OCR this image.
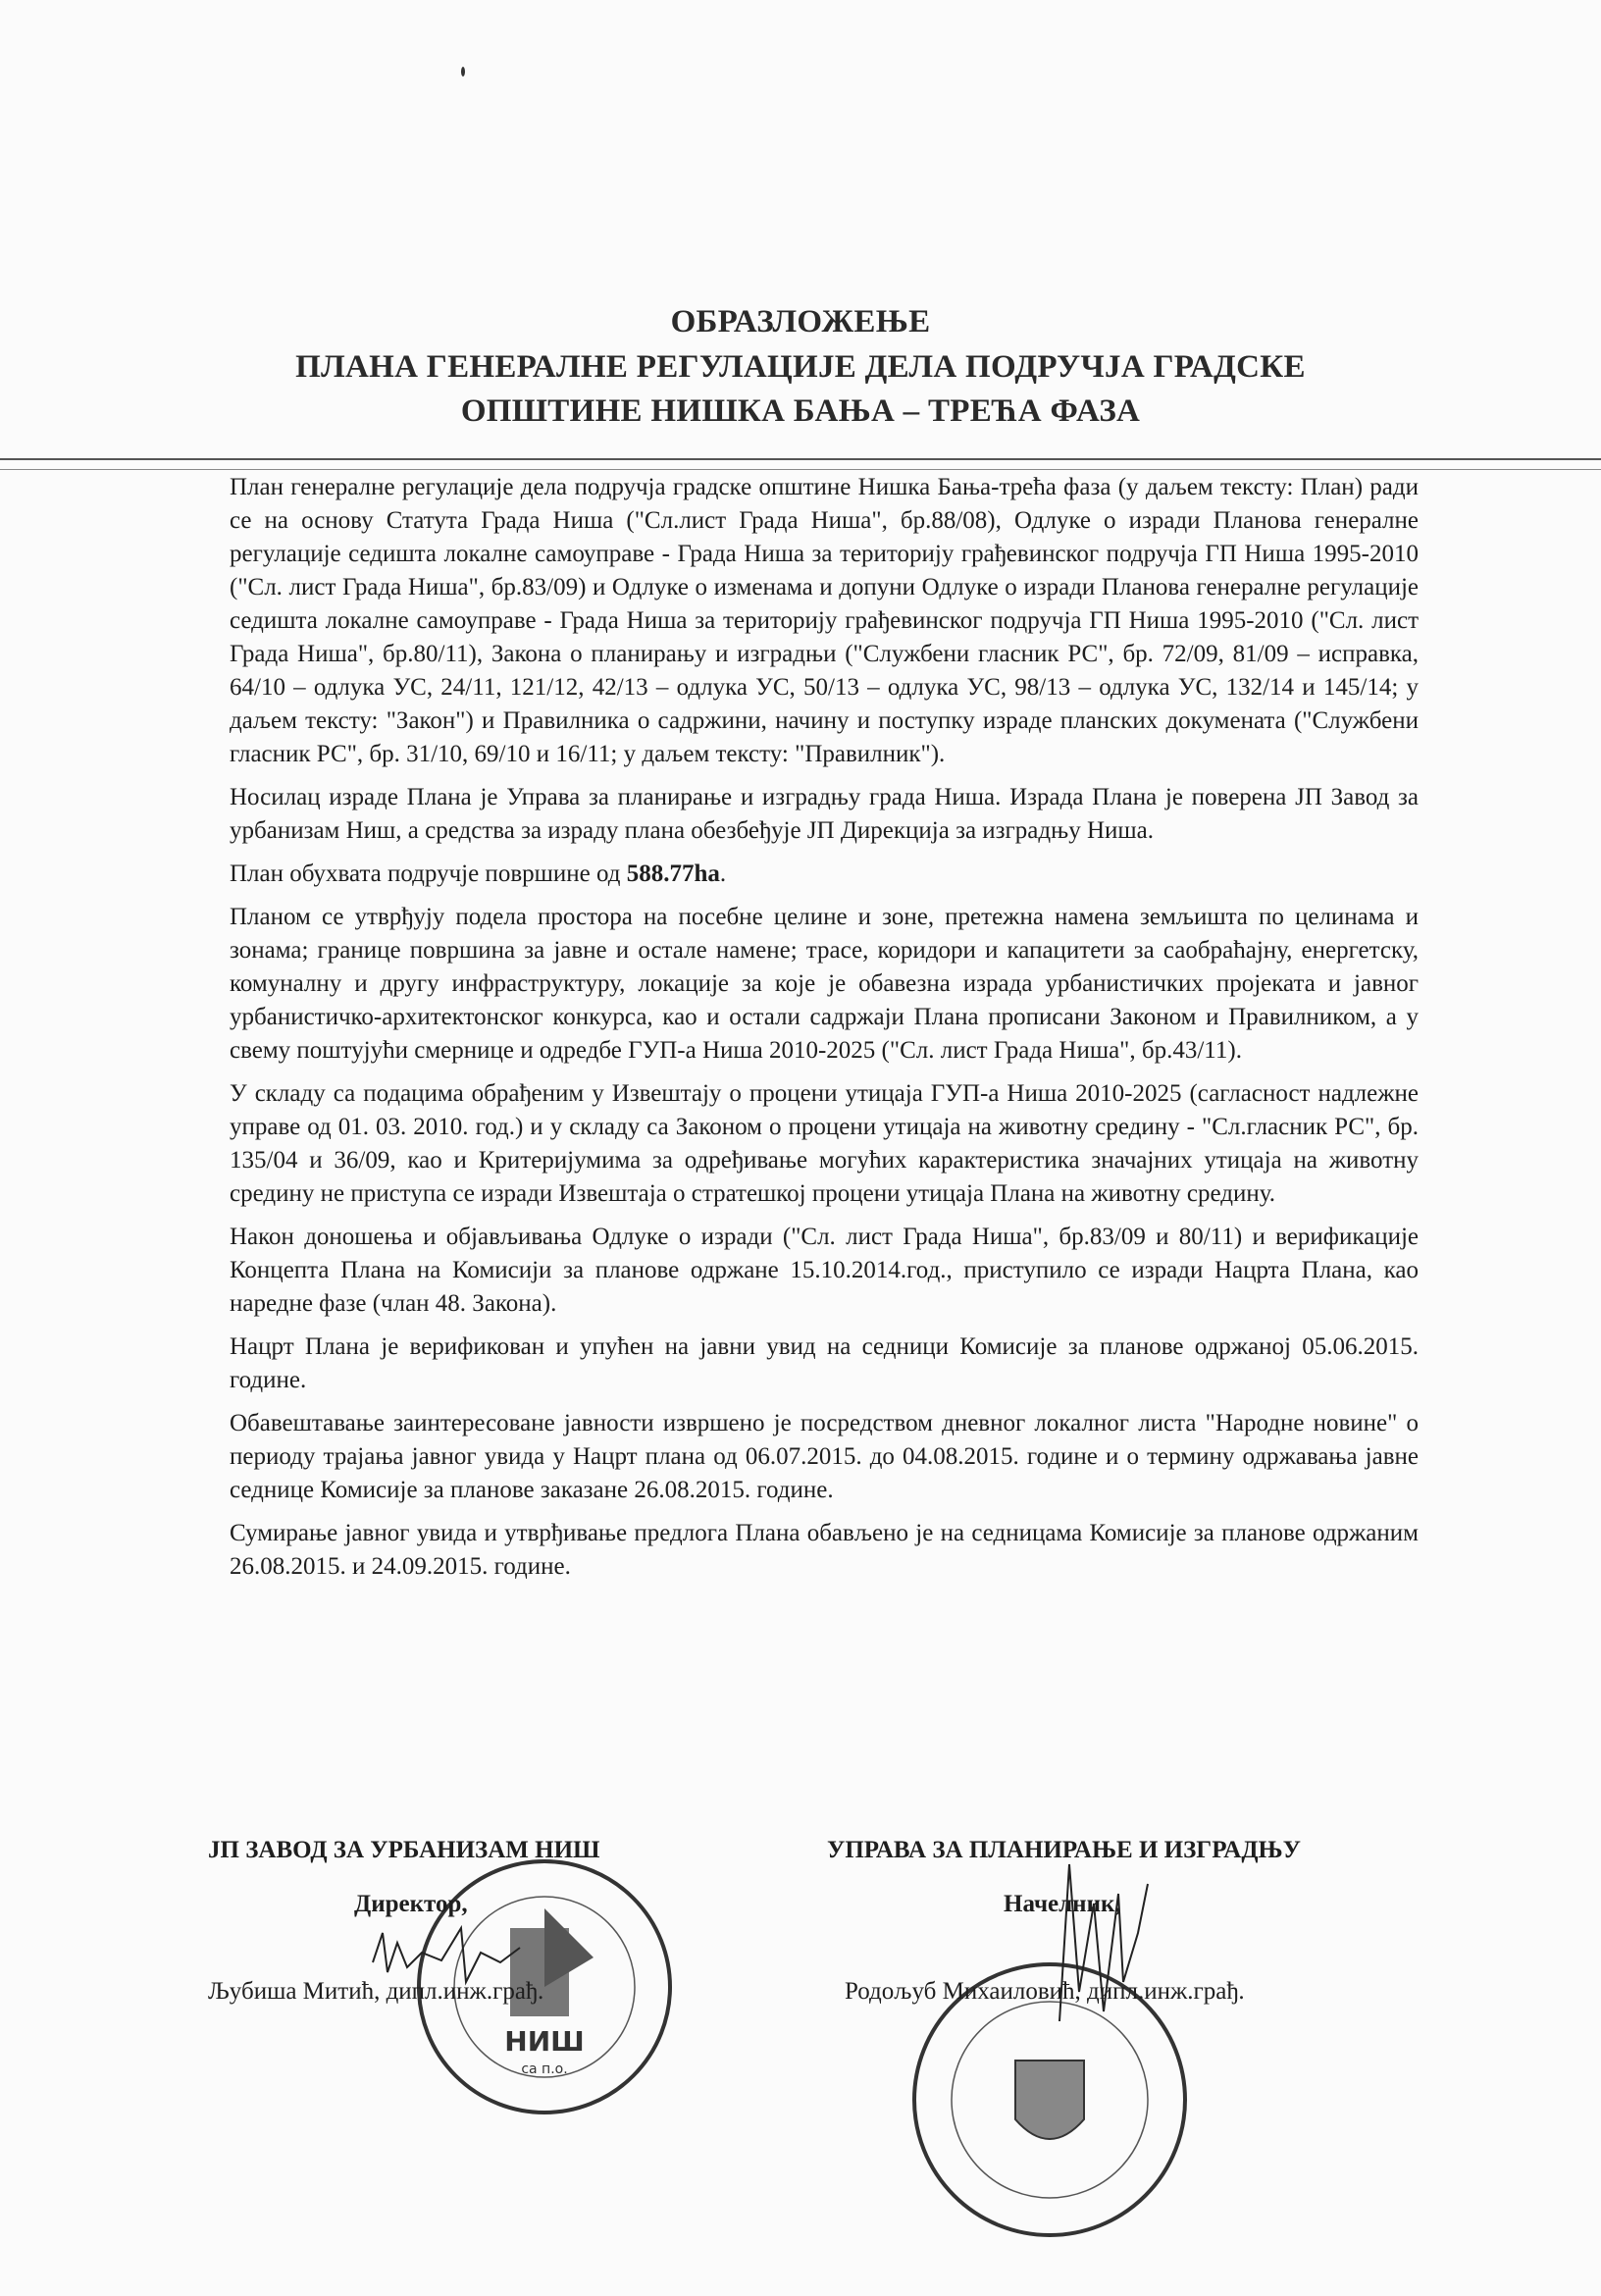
ОБРАЗЛОЖЕЊЕ
ПЛАНА ГЕНЕРАЛНЕ РЕГУЛАЦИЈЕ ДЕЛА ПОДРУЧЈА ГРАДСКЕ
ОПШТИНЕ НИШКА БАЊА – ТРЕЋА ФАЗА

План генералне регулације дела подручја градске општине Нишка Бања-трећа фаза (у даљем тексту: План) ради се на основу Статута Града Ниша ("Сл.лист Града Ниша", бр.88/08), Одлуке о изради Планова генералне регулације седишта локалне самоуправе - Града Ниша за територију грађевинског подручја ГП Ниша 1995-2010 ("Сл. лист Града Ниша", бр.83/09) и Одлуке о изменама и допуни Одлуке о изради Планова генералне регулације седишта локалне самоуправе - Града Ниша за територију грађевинског подручја ГП Ниша 1995-2010 ("Сл. лист Града Ниша", бр.80/11), Закона о планирању и изградњи ("Службени гласник РС", бр. 72/09, 81/09 – исправка, 64/10 – одлука УС, 24/11, 121/12, 42/13 – одлука УС, 50/13 – одлука УС, 98/13 – одлука УС, 132/14 и 145/14; у даљем тексту: "Закон") и Правилника о садржини, начину и поступку израде планских докумената ("Службени гласник РС", бр. 31/10, 69/10 и 16/11; у даљем тексту: "Правилник").

Носилац израде Плана је Управа за планирање и изградњу града Ниша. Израда Плана је поверена ЈП Завод за урбанизам Ниш, а средства за израду плана обезбеђује ЈП Дирекција за изградњу Ниша.

План обухвата подручје површине од 588.77ha.

Планом се утврђују подела простора на посебне целине и зоне, претежна намена земљишта по целинама и зонама; границе површина за јавне и остале намене; трасе, коридори и капацитети за саобраћајну, енергетску, комуналну и другу инфраструктуру, локације за које је обавезна израда урбанистичких пројеката и јавног урбанистичко-архитектонског конкурса, као и остали садржаји Плана прописани Законом и Правилником, а у свему поштујући смернице и одредбе ГУП-а Ниша 2010-2025 ("Сл. лист Града Ниша", бр.43/11).

У складу са подацима обрађеним у Извештају о процени утицаја ГУП-а Ниша 2010-2025 (сагласност надлежне управе од 01. 03. 2010. год.) и у складу са Законом о процени утицаја на животну средину - "Сл.гласник РС", бр. 135/04 и 36/09, као и Критеријумима за одређивање могућих карактеристика значајних утицаја на животну средину не приступа се изради Извештаја о стратешкој процени утицаја Плана на животну средину.

Након доношења и објављивања Одлуке о изради ("Сл. лист Града Ниша", бр.83/09 и 80/11) и верификације Концепта Плана на Комисији за планове одржане 15.10.2014.год., приступило се изради Нацрта Плана, као наредне фазе (члан 48. Закона).

Нацрт Плана је верификован и упућен на јавни увид на седници Комисије за планове одржаној 05.06.2015. године.

Обавештавање заинтересоване јавности извршено је посредством дневног локалног листа "Народне новине" о периоду трајања јавног увида у Нацрт плана од 06.07.2015. до 04.08.2015. године и о термину одржавања јавне седнице Комисије за планове заказане 26.08.2015. године.

Сумирање јавног увида и утврђивање предлога Плана обављено је на седницама Комисије за планове одржаним 26.08.2015. и 24.09.2015. године.

ЈП ЗАВОД ЗА УРБАНИЗАМ НИШ
НИШ
са п.о.
Директор,
Љубиша Митић, дипл.инж.грађ.
УПРАВА ЗА ПЛАНИРАЊЕ И ИЗГРАДЊУ
Начелник,
Родољуб Михаиловић, дипл.инж.грађ.
